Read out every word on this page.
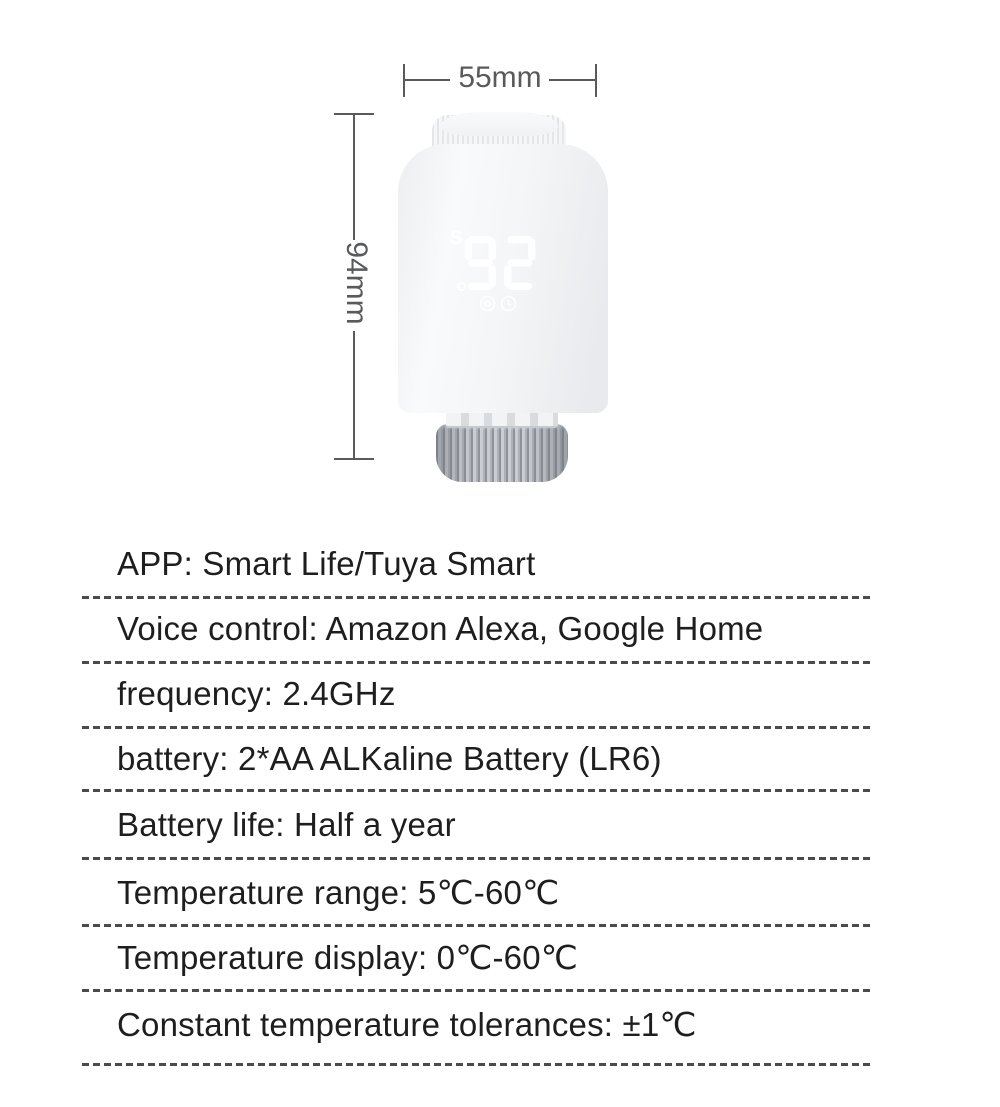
55mm
94mm
S
APP: Smart Life/Tuya Smart
Voice control: Amazon Alexa, Google Home
frequency: 2.4GHz
battery: 2*AA ALKaline Battery (LR6)
Battery life: Half a year
Temperature range: 5℃-60℃
Temperature display: 0℃-60℃
Constant temperature tolerances: ±1℃
